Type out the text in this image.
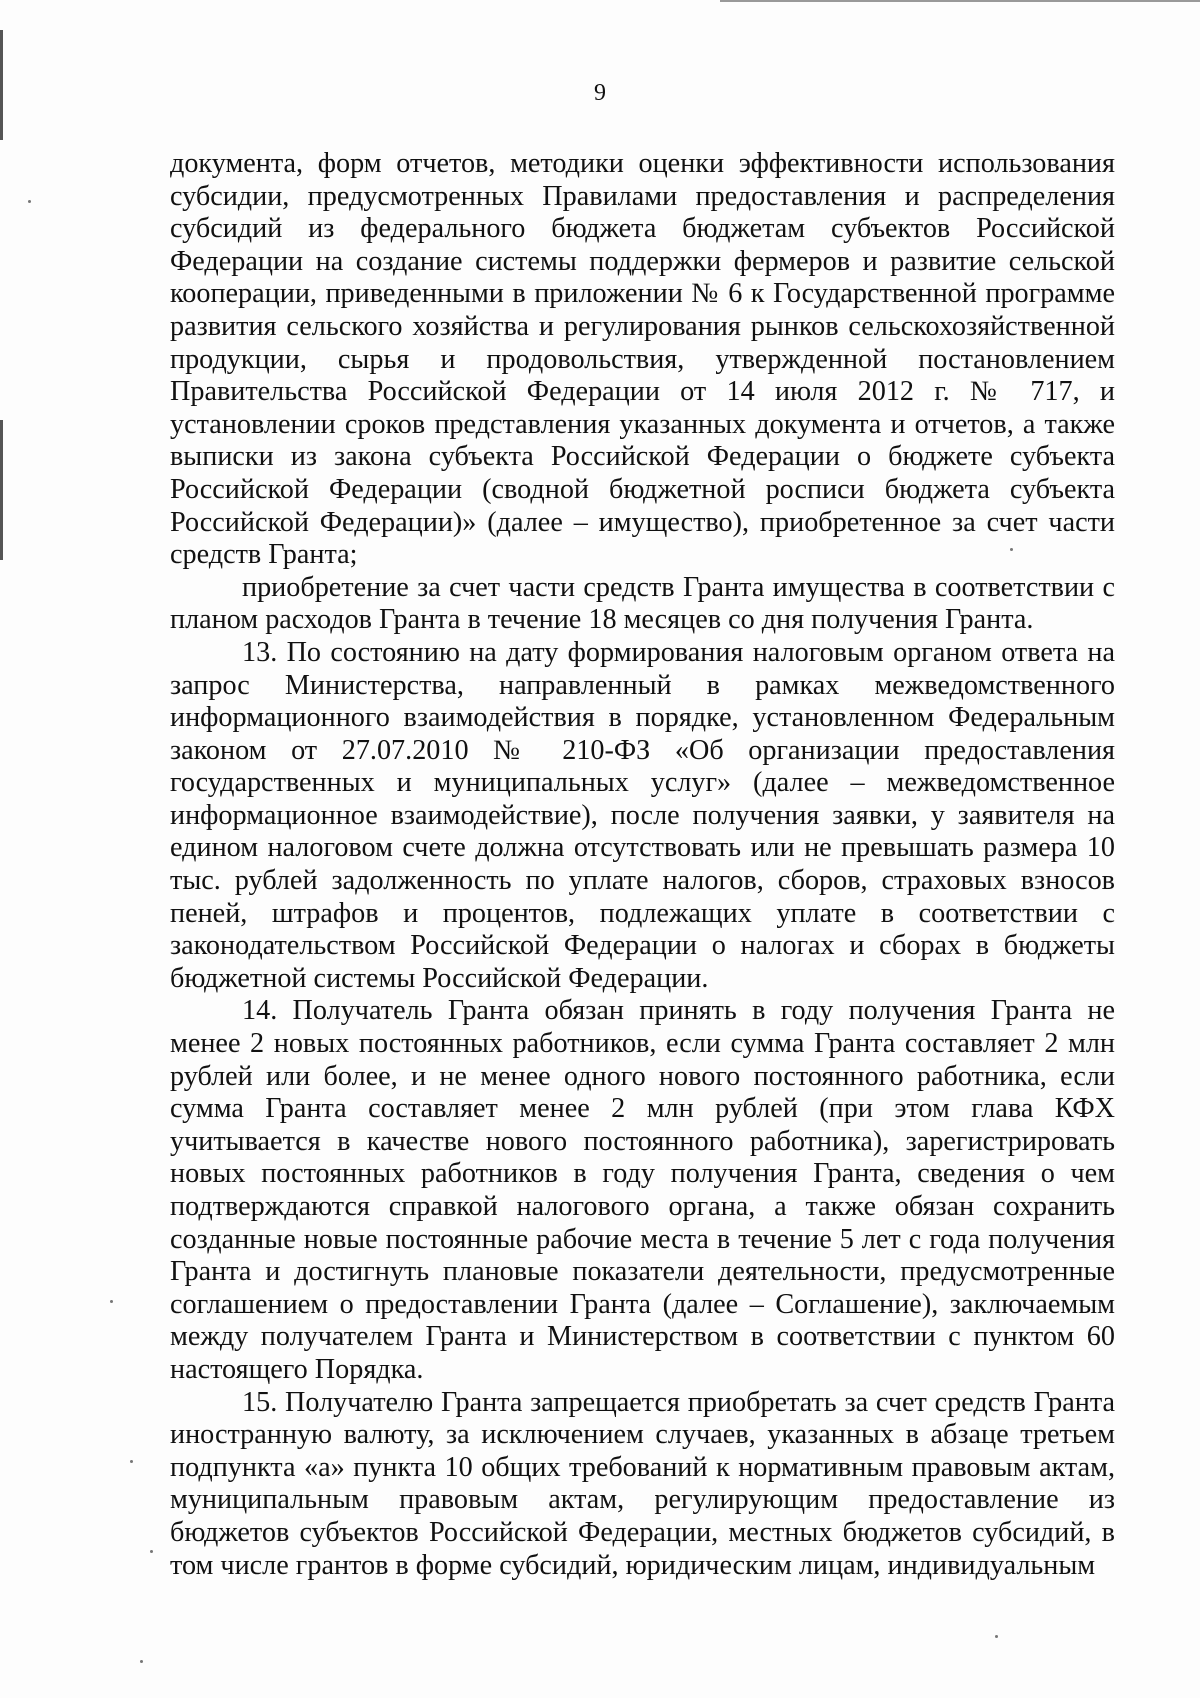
9

документа, форм отчетов, методики оценки эффективности использования субсидии, предусмотренных Правилами предоставления и распределения субсидий из федерального бюджета бюджетам субъектов Российской Федерации на создание системы поддержки фермеров и развитие сельской кооперации, приведенными в приложении № 6 к Государственной программе развития сельского хозяйства и регулирования рынков сельскохозяйственной продукции, сырья и продовольствия, утвержденной постановлением Правительства Российской Федерации от 14 июля 2012 г. № 717, и установлении сроков представления указанных документа и отчетов, а также выписки из закона субъекта Российской Федерации о бюджете субъекта Российской Федерации (сводной бюджетной росписи бюджета субъекта Российской Федерации)» (далее – имущество), приобретенное за счет части средств Гранта;

приобретение за счет части средств Гранта имущества в соответствии с планом расходов Гранта в течение 18 месяцев со дня получения Гранта.

13. По состоянию на дату формирования налоговым органом ответа на запрос Министерства, направленный в рамках межведомственного информационного взаимодействия в порядке, установленном Федеральным законом от 27.07.2010 № 210-ФЗ «Об организации предоставления государственных и муниципальных услуг» (далее – межведомственное информационное взаимодействие), после получения заявки, у заявителя на едином налоговом счете должна отсутствовать или не превышать размера 10 тыс. рублей задолженность по уплате налогов, сборов, страховых взносов пеней, штрафов и процентов, подлежащих уплате в соответствии с законодательством Российской Федерации о налогах и сборах в бюджеты бюджетной системы Российской Федерации.

14. Получатель Гранта обязан принять в году получения Гранта не менее 2 новых постоянных работников, если сумма Гранта составляет 2 млн рублей или более, и не менее одного нового постоянного работника, если сумма Гранта составляет менее 2 млн рублей (при этом глава КФХ учитывается в качестве нового постоянного работника), зарегистрировать новых постоянных работников в году получения Гранта, сведения о чем подтверждаются справкой налогового органа, а также обязан сохранить созданные новые постоянные рабочие места в течение 5 лет с года получения Гранта и достигнуть плановые показатели деятельности, предусмотренные соглашением о предоставлении Гранта (далее – Соглашение), заключаемым между получателем Гранта и Министерством в соответствии с пунктом 60 настоящего Порядка.

15. Получателю Гранта запрещается приобретать за счет средств Гранта иностранную валюту, за исключением случаев, указанных в абзаце третьем подпункта «а» пункта 10 общих требований к нормативным правовым актам, муниципальным правовым актам, регулирующим предоставление из бюджетов субъектов Российской Федерации, местных бюджетов субсидий, в том числе грантов в форме субсидий, юридическим лицам, индивидуальным
